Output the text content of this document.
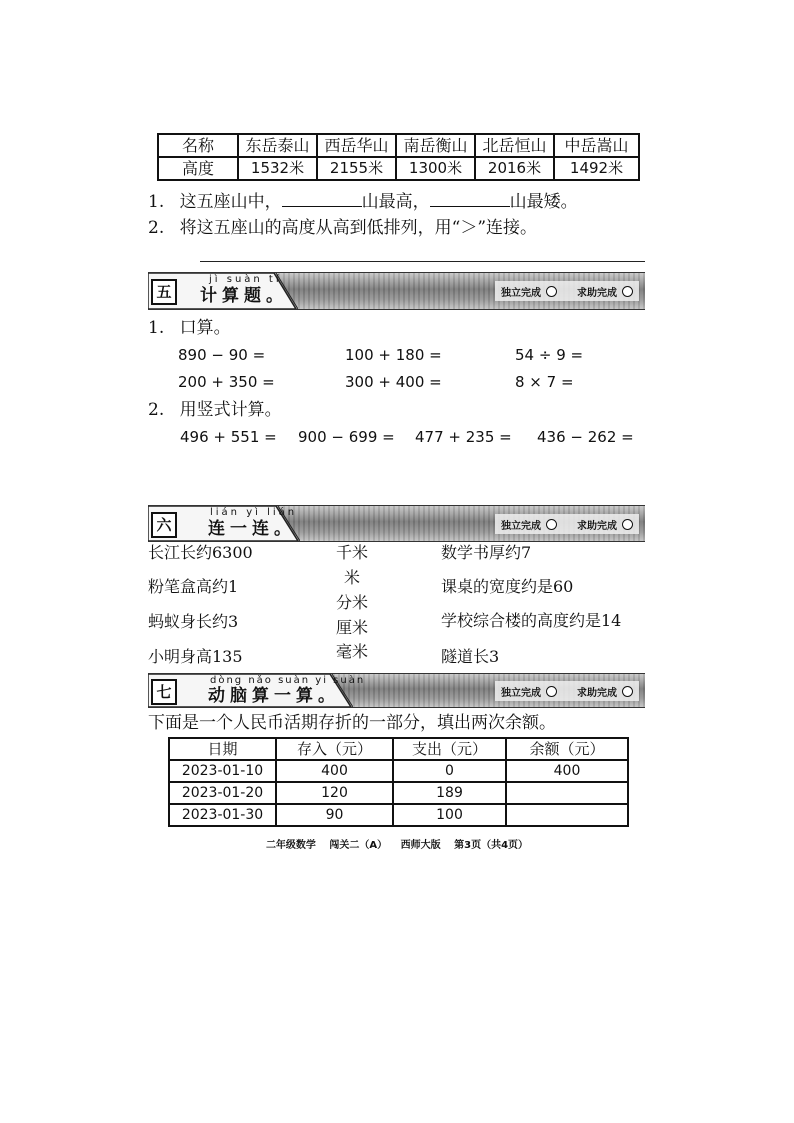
名称	东岳泰山	西岳华山	南岳衡山	北岳恒山	中岳嵩山
高度	1532米	2155米	1300米	2016米	1492米
1. 这五座山中，	山最高，	山最矮。
2. 将这五座山的高度从高到低排列，用“＞”连接。
五
jì suàn tí
计算题。	独立完成	求助完成
1. 口算。
890 − 90 =	100 + 180 =	54 ÷ 9 =
200 + 350 =	300 + 400 =	8 × 7 =
2. 用竖式计算。
496 + 551 = 900 − 699 = 477 + 235 = 436 − 262 =
六
lián yì lián
连一连。	独立完成	求助完成
长江长约6300
粉笔盒高约1
蚂蚁身长约3
小明身高135
千米
米
分米
厘米
毫米
数学书厚约7
课桌的宽度约是60
学校综合楼的高度约是14
隧道长3
七
dòng nǎo suàn yi suàn
动脑算一算。	独立完成	求助完成
下面是一个人民币活期存折的一部分，填出两次余额。
日期	存入（元）	支出（元）	余额（元）
2023-01-10	400	0	400
2023-01-20	120	189	
2023-01-30	90	100	
二年级数学 闯关二（A） 西师大版 第3页（共4页）
